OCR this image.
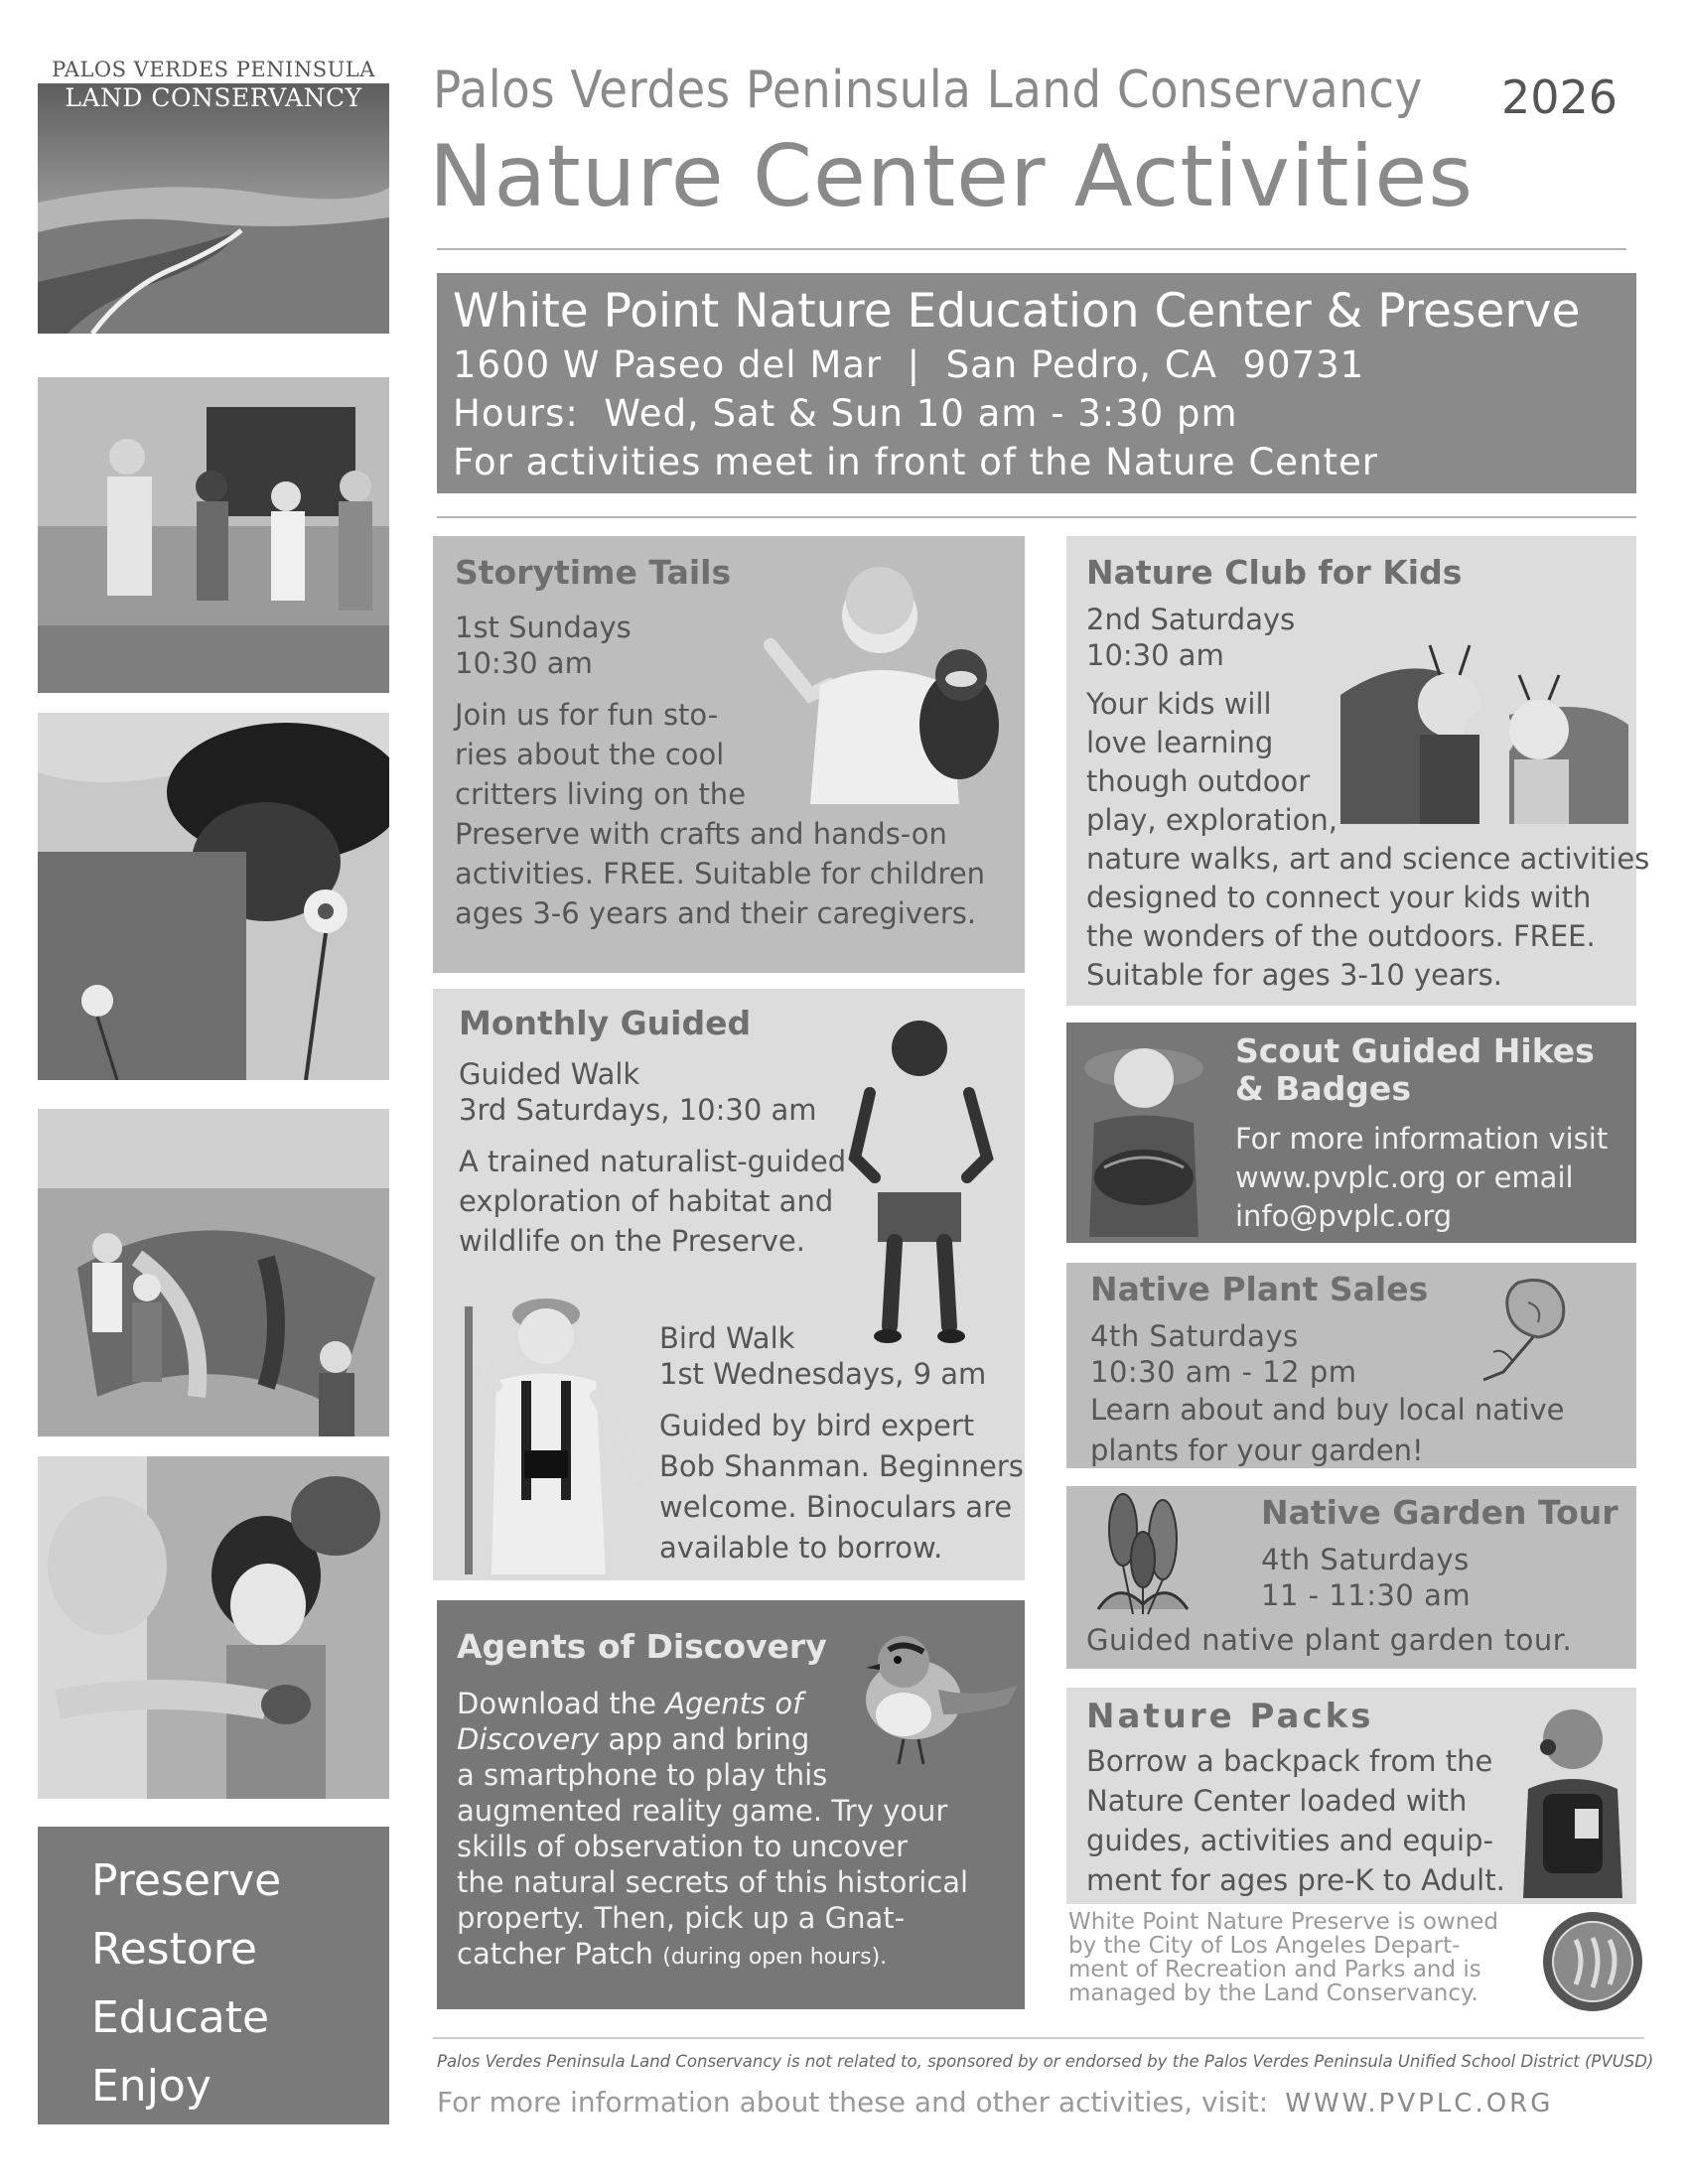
PALOS VERDES PENINSULA
LAND CONSERVANCY
Preserve
Restore
Educate
Enjoy
Palos Verdes Peninsula Land Conservancy 2026
Nature Center Activities
White Point Nature Education Center & Preserve
1600 W Paseo del Mar  |  San Pedro, CA  90731
Hours:  Wed, Sat & Sun 10 am - 3:30 pm
For activities meet in front of the Nature Center
Storytime Tails

1st Sundays

10:30 am

Join us for fun sto-

ries about the cool

critters living on the

Preserve with crafts and hands-on

activities. FREE. Suitable for children

ages 3-6 years and their caregivers.

Nature Club for Kids

2nd Saturdays

10:30 am

Your kids will

love learning

though outdoor

play, exploration,

nature walks, art and science activities

designed to connect your kids with

the wonders of the outdoors. FREE.

Suitable for ages 3-10 years.

Monthly Guided

Guided Walk

3rd Saturdays, 10:30 am

A trained naturalist-guided

exploration of habitat and

wildlife on the Preserve.

Bird Walk

1st Wednesdays, 9 am

Guided by bird expert

Bob Shanman. Beginners

welcome. Binoculars are

available to borrow.

Scout Guided Hikes
& Badges

For more information visit

www.pvplc.org or email

info@pvplc.org

Native Plant Sales

4th Saturdays

10:30 am - 12 pm

Learn about and buy local native

plants for your garden!

Native Garden Tour

4th Saturdays

11 - 11:30 am

Guided native plant garden tour.

Agents of Discovery

Download the Agents of

Discovery app and bring

a smartphone to play this

augmented reality game. Try your

skills of observation to uncover

the natural secrets of this historical

property. Then, pick up a Gnat-

catcher Patch (during open hours).

Nature Packs

Borrow a backpack from the

Nature Center loaded with

guides, activities and equip-

ment for ages pre-K to Adult.

White Point Nature Preserve is owned

by the City of Los Angeles Depart-

ment of Recreation and Parks and is

managed by the Land Conservancy.

Palos Verdes Peninsula Land Conservancy is not related to, sponsored by or endorsed by the Palos Verdes Peninsula Unified School District (PVUSD)
For more information about these and other activities, visit: WWW.PVPLC.ORG
